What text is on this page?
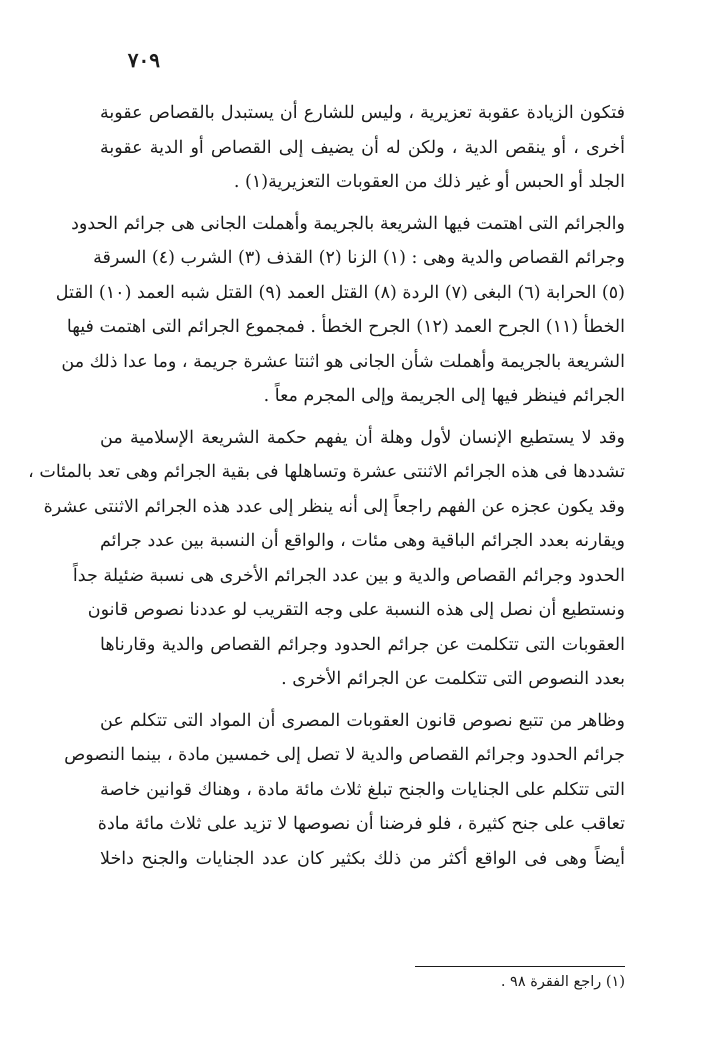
٧٠٩

فتكون الزيادة عقوبة تعزيرية ، وليس للشارع أن يستبدل بالقصاص عقوبة
أخرى ، أو ينقص الدية ، ولكن له أن يضيف إلى القصاص أو الدية عقوبة
الجلد أو الحبس أو غير ذلك من العقوبات التعزيرية(١) .

والجرائم التى اهتمت فيها الشريعة بالجريمة وأهملت الجانى هى جرائم الحدود
وجرائم القصاص والدية وهى : (١) الزنا (٢) القذف (٣) الشرب (٤) السرقة
(٥) الحرابة (٦) البغى (٧) الردة (٨) القتل العمد (٩) القتل شبه العمد (١٠) القتل
الخطأ (١١) الجرح العمد (١٢) الجرح الخطأ . فمجموع الجرائم التى اهتمت فيها
الشريعة بالجريمة وأهملت شأن الجانى هو اثنتا عشرة جريمة ، وما عدا ذلك من
الجرائم فينظر فيها إلى الجريمة وإلى المجرم معاً .

وقد لا يستطيع الإنسان لأول وهلة أن يفهم حكمة الشريعة الإسلامية من
تشددها فى هذه الجرائم الاثنتى عشرة وتساهلها فى بقية الجرائم وهى تعد بالمئات ،
وقد يكون عجزه عن الفهم راجعاً إلى أنه ينظر إلى عدد هذه الجرائم الاثنتى عشرة
ويقارنه بعدد الجرائم الباقية وهى مئات ، والواقع أن النسبة بين عدد جرائم
الحدود وجرائم القصاص والدية و بين عدد الجرائم الأخرى هى نسبة ضئيلة جداً
ونستطيع أن نصل إلى هذه النسبة على وجه التقريب لو عددنا نصوص قانون
العقوبات التى تتكلمت عن جرائم الحدود وجرائم القصاص والدية وقارناها
بعدد النصوص التى تتكلمت عن الجرائم الأخرى .

وظاهر من تتبع نصوص قانون العقوبات المصرى أن المواد التى تتكلم عن
جرائم الحدود وجرائم القصاص والدية لا تصل إلى خمسين مادة ، بينما النصوص
التى تتكلم على الجنايات والجنح تبلغ ثلاث مائة مادة ، وهناك قوانين خاصة
تعاقب على جنح كثيرة ، فلو فرضنا أن نصوصها لا تزيد على ثلاث مائة مادة
أيضاً وهى فى الواقع أكثر من ذلك بكثير كان عدد الجنايات والجنح داخلا

(١) راجع الفقرة ٩٨ .
